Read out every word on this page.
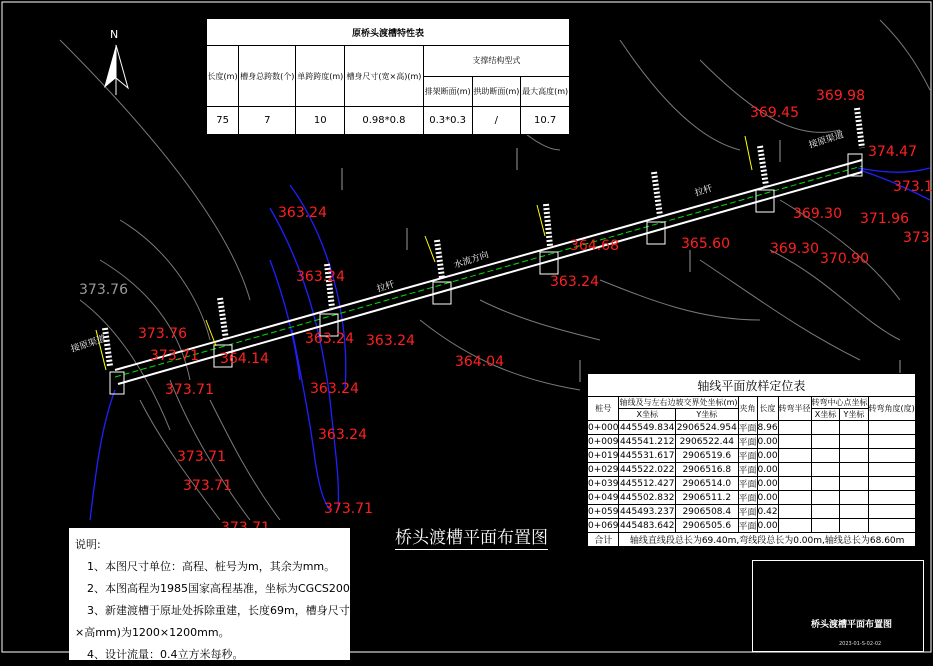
363.24
363.24
373.76
373.71 364.14
363.24
373.71
364.04
363.24
363.24
373.71
373.71
364.68
363.24
365.60
369.45
369.98
374.47
373.1
369.30 371.96
373
369.30
370.90
363.24
373.76
373.71
接原渠道
接原渠道
拉杆
拉杆
水流方向
N	原桥头渡槽特性表						
长度(m)	槽身总跨数(个)	单跨跨度(m)	槽身尺寸(宽×高)(m)	支撑结构型式		
				排架断面(m)	拱助断面(m)	最大高度(m)
75	7	10	0.98*0.8	0.3*0.3	/	10.7
轴线平面放样定位表								
桩号	轴线及与左右边坡交界处坐标(m)		夹角	长度	转弯半径	转弯中心点坐标		转弯角度(度)
	X坐标	Y坐标				X坐标	Y坐标	
0+000	445549.834	2906524.954	平面	8.96				
0+009	445541.212	2906522.44	平面	0.00				
0+019	445531.617	2906519.6	平面	0.00				
0+029	445522.022	2906516.8	平面	0.00				
0+039	445512.427	2906514.0	平面	0.00				
0+049	445502.832	2906511.2	平面	0.00				
0+059	445493.237	2906508.4	平面	0.42				
0+069	445483.642	2906505.6	平面	0.00				
合计	轴线直线段总长为69.40m,弯线段总长为0.00m,轴线总长为68.60m							
说明:
1、本图尺寸单位：高程、桩号为m，其余为mm。
2、本图高程为1985国家高程基准，坐标为CGCS2000坐标系。
3、新建渡槽于原址处拆除重建，长度69m，槽身尺寸（宽
×高mm)为1200×1200mm。
4、设计流量：0.4立方米每秒。
桥头渡槽平面布置图
桥头渡槽平面布置图
2023-01-S-02-02
